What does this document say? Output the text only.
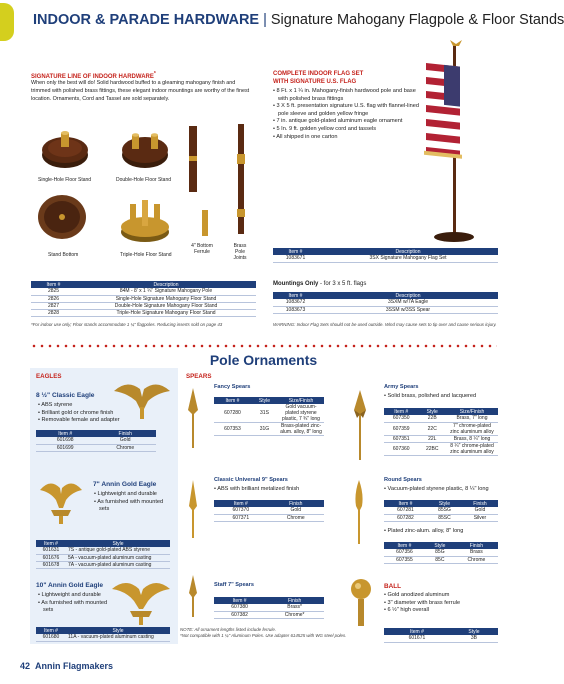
INDOOR & PARADE HARDWARE | Signature Mahogany Flagpole & Floor Stands
SIGNATURE LINE OF INDOOR HARDWARE*
When only the best will do! Solid hardwood buffed to a gleaming mahogany finish and trimmed with polished brass fittings, these elegant indoor mountings are worthy of the finest location. Ornaments, Cord and Tassel are sold separately.
Single-Hole Floor Stand	Double-Hole Floor Stand
Stand Bottom	Triple-Hole Floor Stand
4" Bottom Ferrule
Brass Pole Joints
Item #	Description
2825	84M - 8' x 1 ¼" Signature Mahogany Pole
2826	Single-Hole Signature Mahogany Floor Stand
2827	Double-Hole Signature Mahogany Floor Stand
2828	Triple-Hole Signature Mahogany Floor Stand
*For indoor use only; Floor stands accommodate 1 ¼" flagpoles. Reducing inserts sold on page 43
COMPLETE INDOOR FLAG SET
WITH SIGNATURE U.S. FLAG
• 8 Ft. x 1 ¼ in. Mahogany-finish hardwood pole and base with polished brass fittings
• 3 X 5 ft. presentation signature U.S. flag with flannel-lined pole sleeve and golden yellow fringe
• 7 in. antique gold-plated aluminum eagle ornament
• 5 In. 9 ft. golden yellow cord and tassels
• All shipped in one carton
Item #	Description
1083671	3SX Signature Mahogany Flag Set
Mountings Only - for 3 x 5 ft. flags
Item #	Description
1083672	3SXM w/7A Eagle
1083673	3SSM w/3SS Spear
WARNING: Indoor Flag Sets should not be used outside. Wind may cause sets to tip over and cause serious injury.
Pole Ornaments
EAGLES
8 ½" Classic Eagle
• ABS styrene
• Brilliant gold or chrome finish
• Removable female and adapter
Item #	Finish
601698	Gold
601699	Chrome
7" Annin Gold Eagle
• Lightweight and durable
• As furnished with mounted sets
Item #	Style
601631	7S - antique gold-plated ABS styrene
601676	5A - vacuum-plated aluminum casting
601678	7A - vacuum-plated aluminum casting
10" Annin Gold Eagle
• Lightweight and durable
• As furnished with mounted sets
Item #	Style
601680	11A - vacuum-plated aluminum casting
SPEARS
Fancy Spears
Item #	Style	Size/Finish
607280	31S	Gold vacuum-plated styrene plastic, 7 ¾" long
607353	31G	Brass-plated zinc-alum. alloy, 8" long
Classic Universal 9" Spears
• ABS with brilliant metalized finish
Item #	Finish
607370	Gold
607371	Chrome
Staff 7" Spears
Item #	Finish
607380	Brass*
607382	Chrome*
NOTE: All ornament lengths listed include ferrule.
*Not compatible with 1 ¼" Aluminum Poles. Use adapter 614525 with WG steel poles.
Army Spears
• Solid brass, polished and lacquered
Item #	Style	Size/Finish
607350	22B	Brass, 7" long
607359	22C	7" chrome-plated zinc aluminum alloy
607351	22L	Brass, 8 ¼" long
607360	22BC	8 ¼" chrome-plated zinc aluminum alloy
Round Spears
• Vacuum-plated styrene plastic, 8 ¼" long
Item #	Style	Finish
607281	85SG	Gold
607282	85SC	Silver
• Plated zinc-alum. alloy, 8" long
Item #	Style	Finish
607356	85G	Brass
607355	85C	Chrome
BALL
• Gold anodized aluminum
• 3" diameter with brass ferrule
• 6 ½" high overall
Item #	Style
601671	3B
42 Annin Flagmakers
